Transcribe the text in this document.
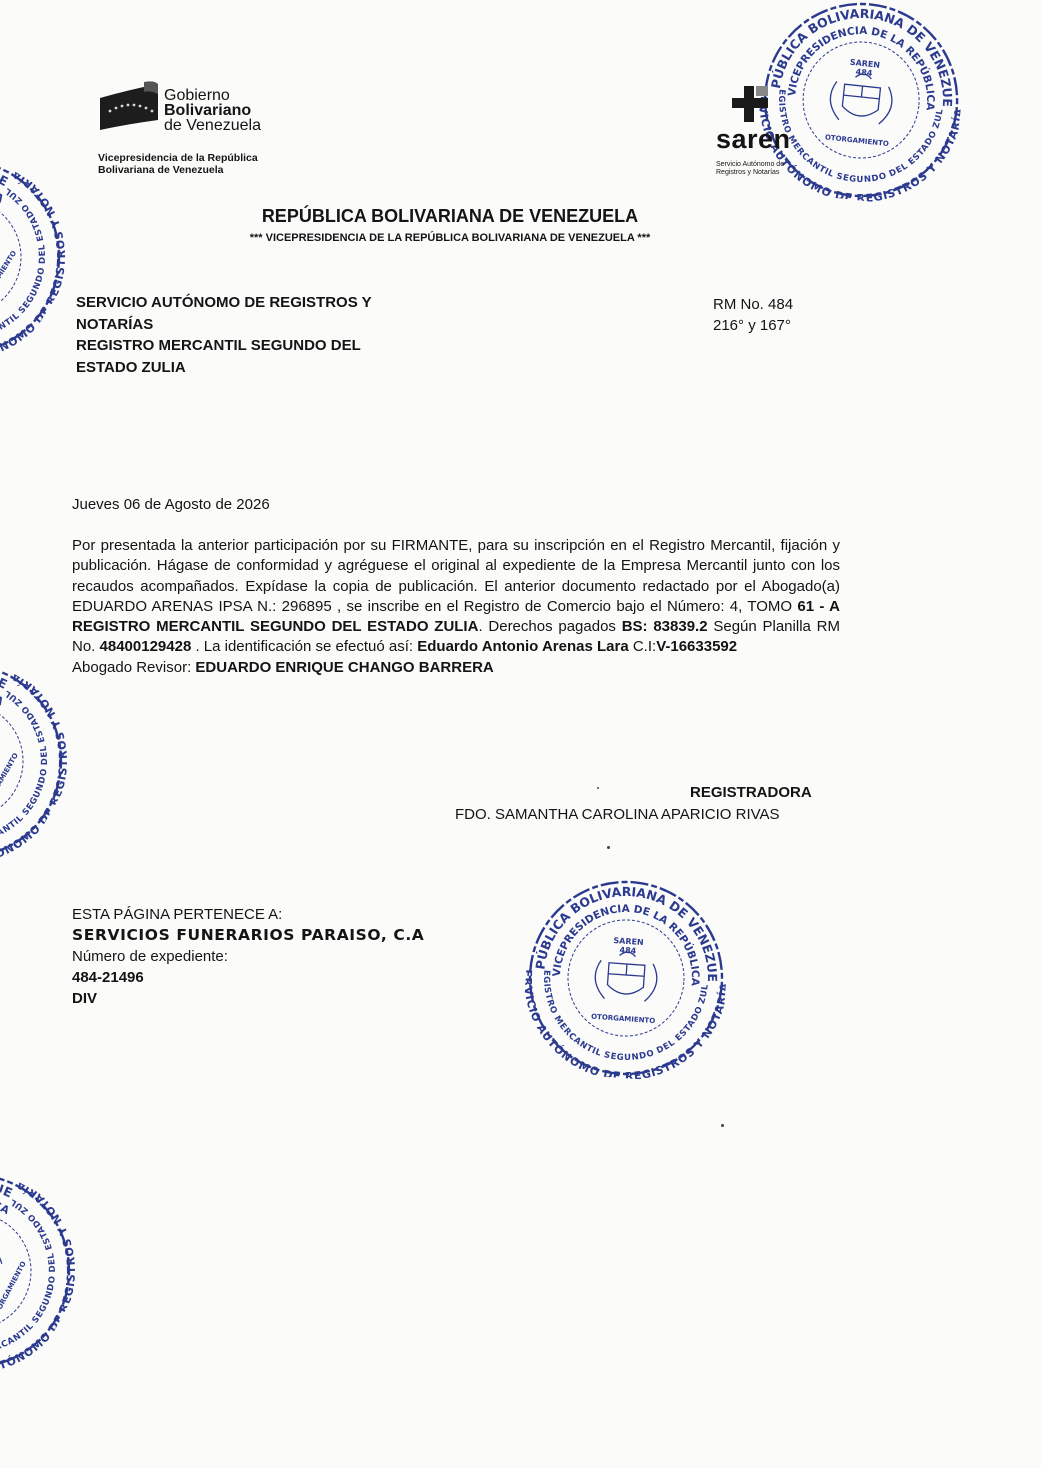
Gobierno
Bolivariano
de Venezuela
Vicepresidencia de la República
Bolivariana de Venezuela
saren
Servicio Autónomo de
Registros y Notarías
REPÚBLICA BOLIVARIANA DE VENEZUELA
*** VICEPRESIDENCIA DE LA REPÚBLICA BOLIVARIANA DE VENEZUELA ***
SERVICIO AUTÓNOMO DE REGISTROS Y
NOTARÍAS
REGISTRO MERCANTIL SEGUNDO DEL
ESTADO ZULIA
RM No. 484
216° y 167°
Jueves 06 de Agosto de 2026
Por presentada la anterior participación por su FIRMANTE, para su inscripción en el Registro Mercantil, fijación y publicación. Hágase de conformidad y agréguese el original al expediente de la Empresa Mercantil junto con los recaudos acompañados. Expídase la copia de publicación. El anterior documento redactado por el Abogado(a) EDUARDO ARENAS IPSA N.: 296895 , se inscribe en el Registro de Comercio bajo el Número: 4, TOMO 61 - A REGISTRO MERCANTIL SEGUNDO DEL ESTADO ZULIA. Derechos pagados BS: 83839.2 Según Planilla RM No. 48400129428 . La identificación se efectuó así: Eduardo Antonio Arenas Lara C.I:V-16633592
Abogado Revisor: EDUARDO ENRIQUE CHANGO BARRERA
REGISTRADORA
FDO. SAMANTHA CAROLINA APARICIO RIVAS
ESTA PÁGINA PERTENECE A:
SERVICIOS FUNERARIOS PARAISO, C.A
Número de expediente:
484-21496
DIV
